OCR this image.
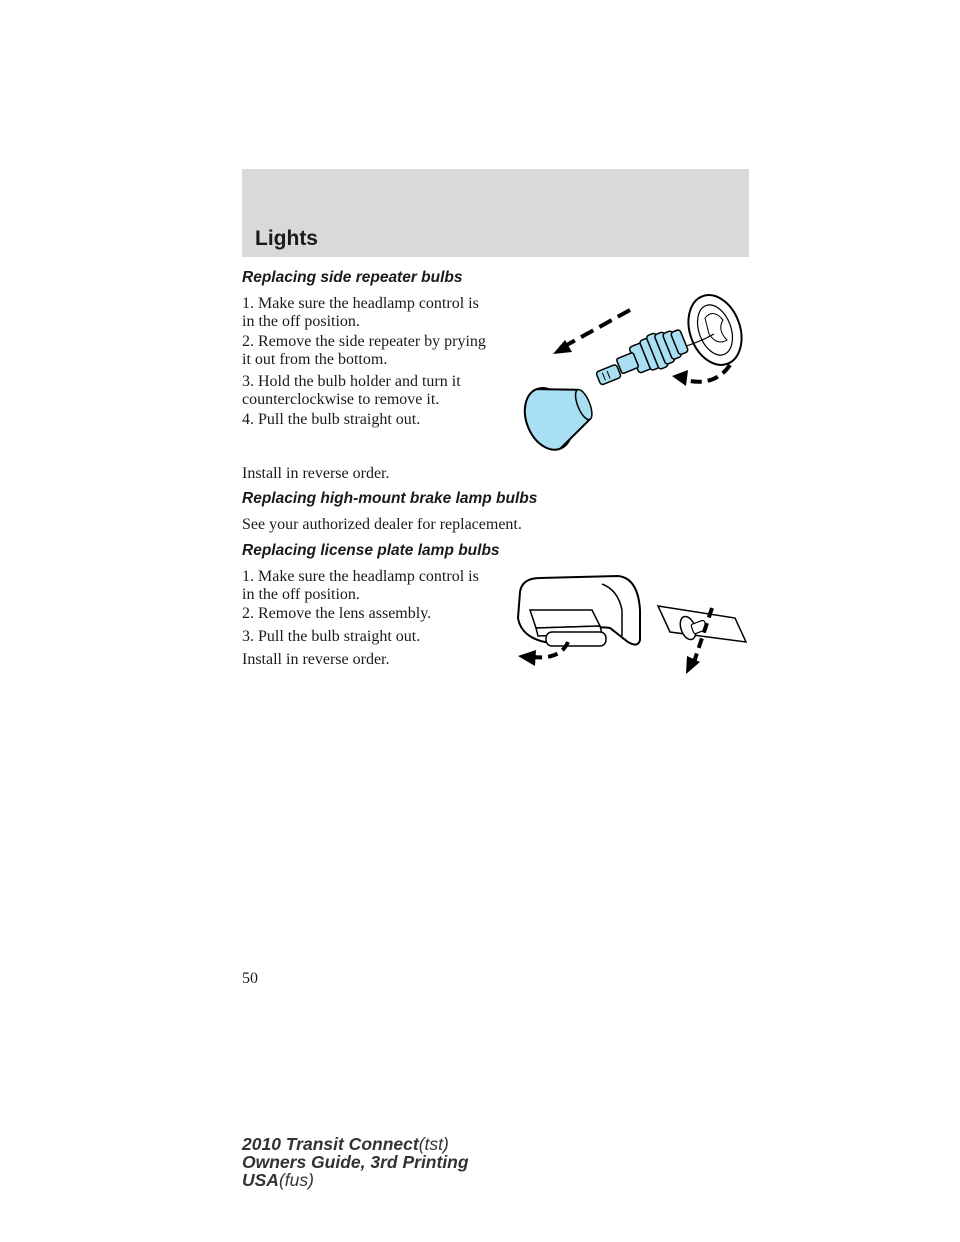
Lights
Replacing side repeater bulbs

1. Make sure the headlamp control is in the off position.

2. Remove the side repeater by prying it out from the bottom.

3. Hold the bulb holder and turn it counterclockwise to remove it.

4. Pull the bulb straight out.

Install in reverse order.

Replacing high-mount brake lamp bulbs

See your authorized dealer for replacement.

Replacing license plate lamp bulbs

1. Make sure the headlamp control is in the off position.

2. Remove the lens assembly.

3. Pull the bulb straight out.

Install in reverse order.

50
2010 Transit Connect(tst)
Owners Guide, 3rd Printing
USA(fus)
